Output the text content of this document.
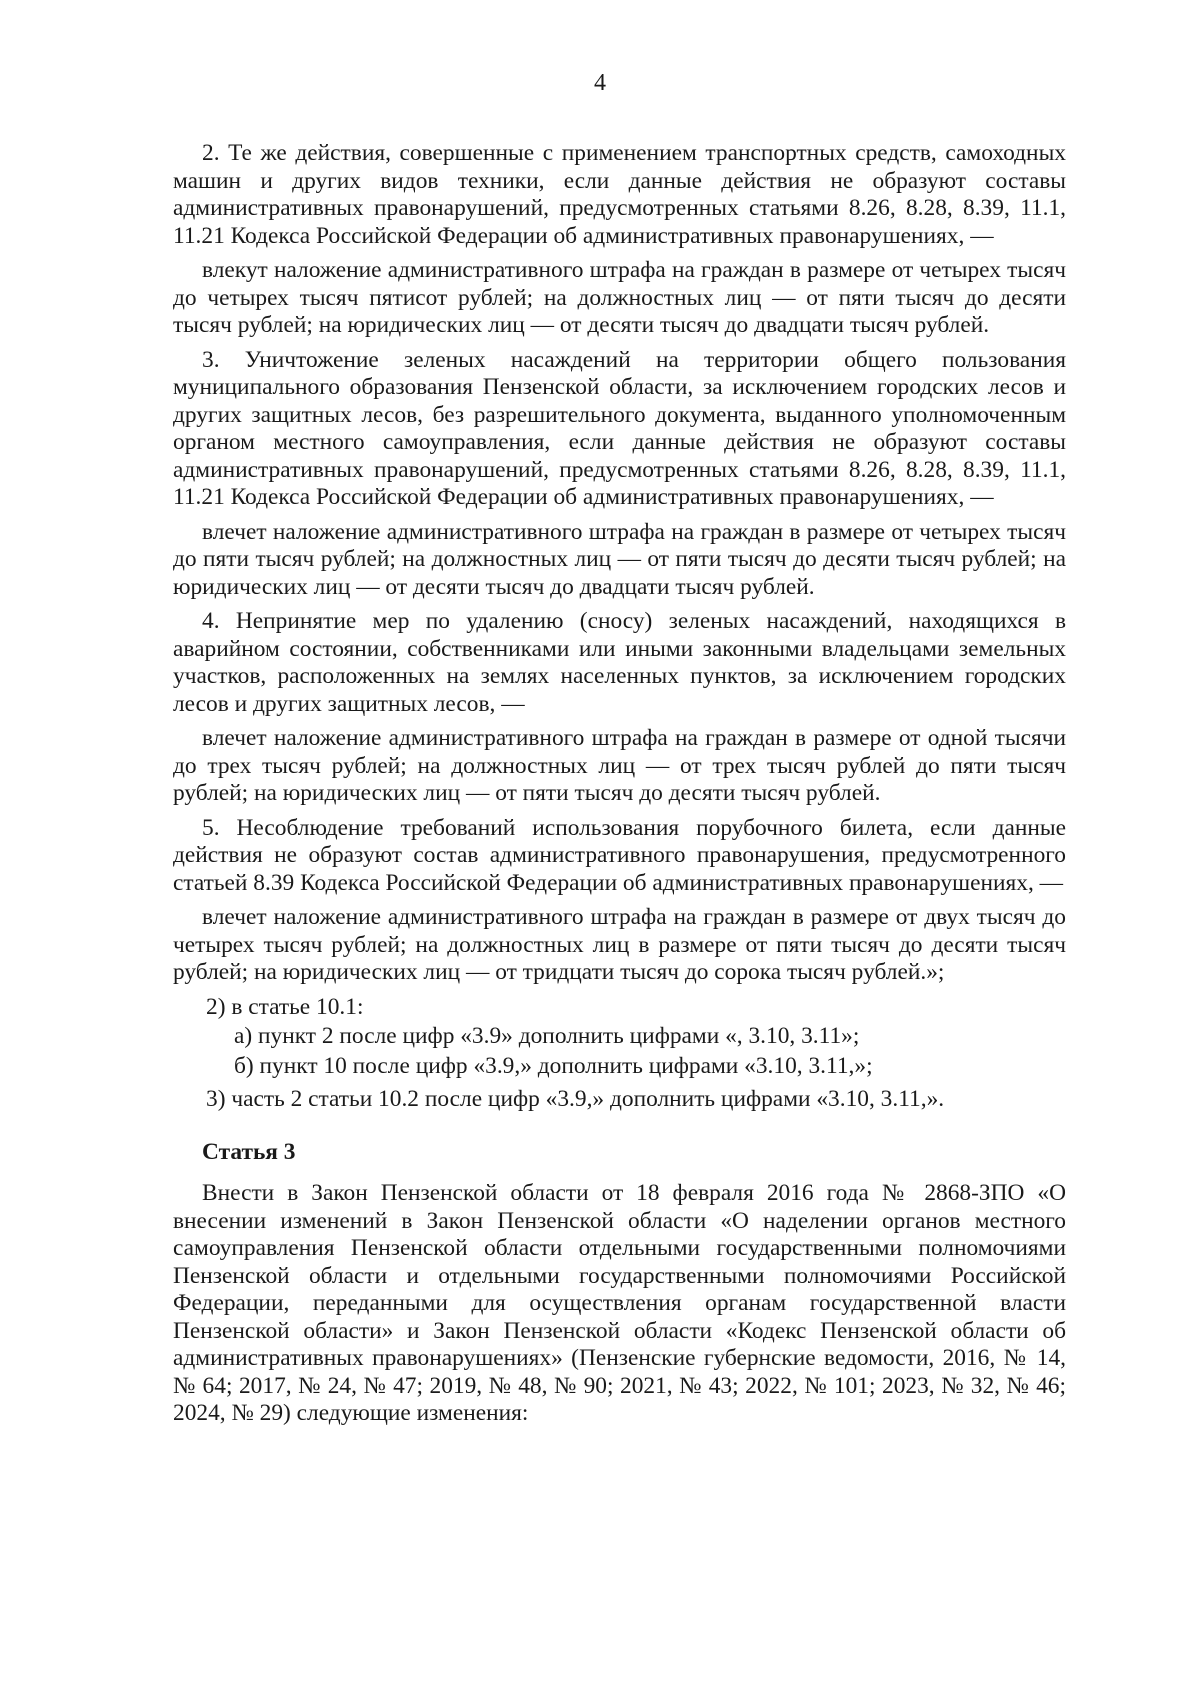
4

2. Те же действия, совершенные с применением транспортных средств, самоходных машин и других видов техники, если данные действия не образуют составы административных правонарушений, предусмотренных статьями 8.26, 8.28, 8.39, 11.1, 11.21 Кодекса Российской Федерации об административных правонарушениях, —

влекут наложение административного штрафа на граждан в размере от четырех тысяч до четырех тысяч пятисот рублей; на должностных лиц — от пяти тысяч до десяти тысяч рублей; на юридических лиц — от десяти тысяч до двадцати тысяч рублей.

3. Уничтожение зеленых насаждений на территории общего пользования муниципального образования Пензенской области, за исключением городских лесов и других защитных лесов, без разрешительного документа, выданного уполномоченным органом местного самоуправления, если данные действия не образуют составы административных правонарушений, предусмотренных статьями 8.26, 8.28, 8.39, 11.1, 11.21 Кодекса Российской Федерации об административных правонарушениях, —

влечет наложение административного штрафа на граждан в размере от четырех тысяч до пяти тысяч рублей; на должностных лиц — от пяти тысяч до десяти тысяч рублей; на юридических лиц — от десяти тысяч до двадцати тысяч рублей.

4. Непринятие мер по удалению (сносу) зеленых насаждений, находящихся в аварийном состоянии, собственниками или иными законными владельцами земельных участков, расположенных на землях населенных пунктов, за исключением городских лесов и других защитных лесов, —

влечет наложение административного штрафа на граждан в размере от одной тысячи до трех тысяч рублей; на должностных лиц — от трех тысяч рублей до пяти тысяч рублей; на юридических лиц — от пяти тысяч до десяти тысяч рублей.

5. Несоблюдение требований использования порубочного билета, если данные действия не образуют состав административного правонарушения, предусмотренного статьей 8.39 Кодекса Российской Федерации об административных правонарушениях, —

влечет наложение административного штрафа на граждан в размере от двух тысяч до четырех тысяч рублей; на должностных лиц в размере от пяти тысяч до десяти тысяч рублей; на юридических лиц — от тридцати тысяч до сорока тысяч рублей.»;

2) в статье 10.1:

а) пункт 2 после цифр «3.9» дополнить цифрами «, 3.10, 3.11»;

б) пункт 10 после цифр «3.9,» дополнить цифрами «3.10, 3.11,»;

3) часть 2 статьи 10.2 после цифр «3.9,» дополнить цифрами «3.10, 3.11,».

Статья 3

Внести в Закон Пензенской области от 18 февраля 2016 года № 2868-ЗПО «О внесении изменений в Закон Пензенской области «О наделении органов местного самоуправления Пензенской области отдельными государственными полномочиями Пензенской области и отдельными государственными полномочиями Российской Федерации, переданными для осуществления органам государственной власти Пензенской области» и Закон Пензенской области «Кодекс Пензенской области об административных правонарушениях» (Пензенские губернские ведомости, 2016, № 14, № 64; 2017, № 24, № 47; 2019, № 48, № 90; 2021, № 43; 2022, № 101; 2023, № 32, № 46; 2024, № 29) следующие изменения:
